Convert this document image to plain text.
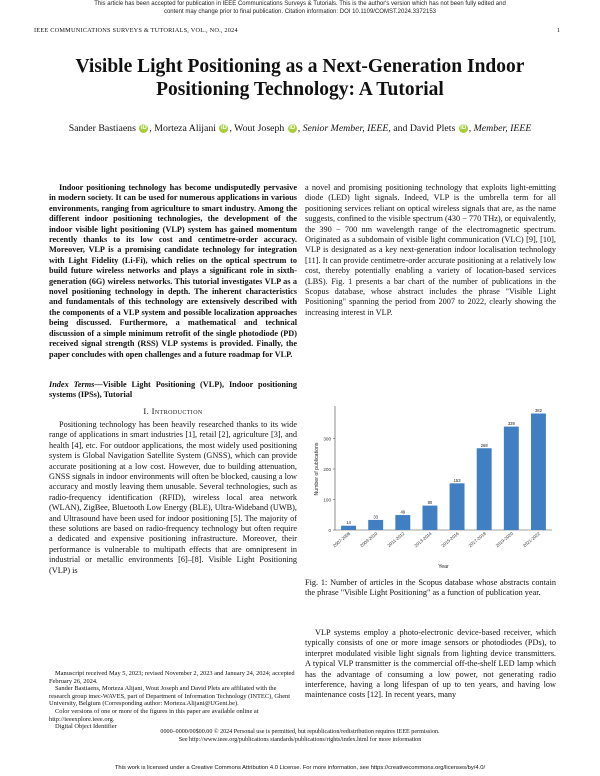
This article has been accepted for publication in IEEE Communications Surveys & Tutorials. This is the author's version which has not been fully edited and
content may change prior to final publication. Citation information: DOI 10.1109/COMST.2024.3372153
IEEE COMMUNICATIONS SURVEYS & TUTORIALS, VOL., NO., 2024	1
Visible Light Positioning as a Next-Generation Indoor Positioning Technology: A Tutorial
Sander Bastiaens iD , Morteza Alijani iD , Wout Joseph iD , Senior Member, IEEE, and David Plets iD , Member, IEEE

Indoor positioning technology has become undisputedly pervasive in modern society. It can be used for numerous applications in various environments, ranging from agriculture to smart industry. Among the different indoor positioning technologies, the development of the indoor visible light positioning (VLP) system has gained momentum recently thanks to its low cost and centimetre-order accuracy. Moreover, VLP is a promising candidate technology for integration with Light Fidelity (Li-Fi), which relies on the optical spectrum to build future wireless networks and plays a significant role in sixth-generation (6G) wireless networks. This tutorial investigates VLP as a novel positioning technology in depth. The inherent characteristics and fundamentals of this technology are extensively described with the components of a VLP system and possible localization approaches being discussed. Furthermore, a mathematical and technical discussion of a simple minimum retrofit of the single photodiode (PD) received signal strength (RSS) VLP systems is provided. Finally, the paper concludes with open challenges and a future roadmap for VLP.

Index Terms—Visible Light Positioning (VLP), Indoor positioning systems (IPSs), Tutorial
I. Introduction

Positioning technology has been heavily researched thanks to its wide range of applications in smart industries [1], retail [2], agriculture [3], and health [4], etc. For outdoor applications, the most widely used positioning system is Global Navigation Satellite System (GNSS), which can provide accurate positioning at a low cost. However, due to building attenuation, GNSS signals in indoor environments will often be blocked, causing a low accuracy and mostly leaving them unusable. Several technologies, such as radio-frequency identification (RFID), wireless local area network (WLAN), ZigBee, Bluetooth Low Energy (BLE), Ultra-Wideband (UWB), and Ultrasound have been used for indoor positioning [5]. The majority of these solutions are based on radio-frequency technology but often require a dedicated and expensive positioning infrastructure. Moreover, their performance is vulnerable to multipath effects that are omnipresent in industrial or metallic environments [6]–[8]. Visible Light Positioning (VLP) is

Manuscript received May 5, 2023; revised November 2, 2023 and January 24, 2024; accepted February 26, 2024.
Sander Bastiaens, Morteza Alijani, Wout Joseph and David Plets are affiliated with the research group imec-WAVES, part of Department of Information Technology (INTEC), Ghent University, Belgium (Corresponding author: Morteza.Alijani@UGent.be).
Color versions of one or more of the figures in this paper are available online at http://ieeexplore.ieee.org.
Digital Object Identifier

a novel and promising positioning technology that exploits light-emitting diode (LED) light signals. Indeed, VLP is the umbrella term for all positioning services reliant on optical wireless signals that are, as the name suggests, confined to the visible spectrum (430 − 770 THz), or equivalently, the 390 − 700 nm wavelength range of the electromagnetic spectrum. Originated as a subdomain of visible light communication (VLC) [9], [10], VLP is designated as a key next-generation indoor localisation technology [11]. It can provide centimetre-order accurate positioning at a relatively low cost, thereby potentially enabling a variety of location-based services (LBS). Fig. 1 presents a bar chart of the number of publications in the Scopus database, whose abstract includes the phrase "Visible Light Positioning" spanning the period from 2007 to 2022, clearly showing the increasing interest in VLP.

0
100
200
300
14
2007-2008
33
2009-2010
49
2011-2012
80
2013-2014
153
2015-2016
268
2017-2018
339
2019-2020
382
2021-2022
Year
Number of publications

Fig. 1: Number of articles in the Scopus database whose abstracts contain the phrase "Visible Light Positioning" as a function of publication year.

VLP systems employ a photo-electronic device-based receiver, which typically consists of one or more image sensors or photodiodes (PDs), to interpret modulated visible light signals from lighting device transmitters. A typical VLP transmitter is the commercial off-the-shelf LED lamp which has the advantage of consuming a low power, not generating radio interference, having a long lifespan of up to ten years, and having low maintenance costs [12]. In recent years, many

0000–0000/00$00.00 © 2024 Personal use is permitted, but republication/redistribution requires IEEE permission.
See http://www.ieee.org/publications standards/publications/rights/index.html for more information
This work is licensed under a Creative Commons Attribution 4.0 License. For more information, see https://creativecommons.org/licenses/by/4.0/
